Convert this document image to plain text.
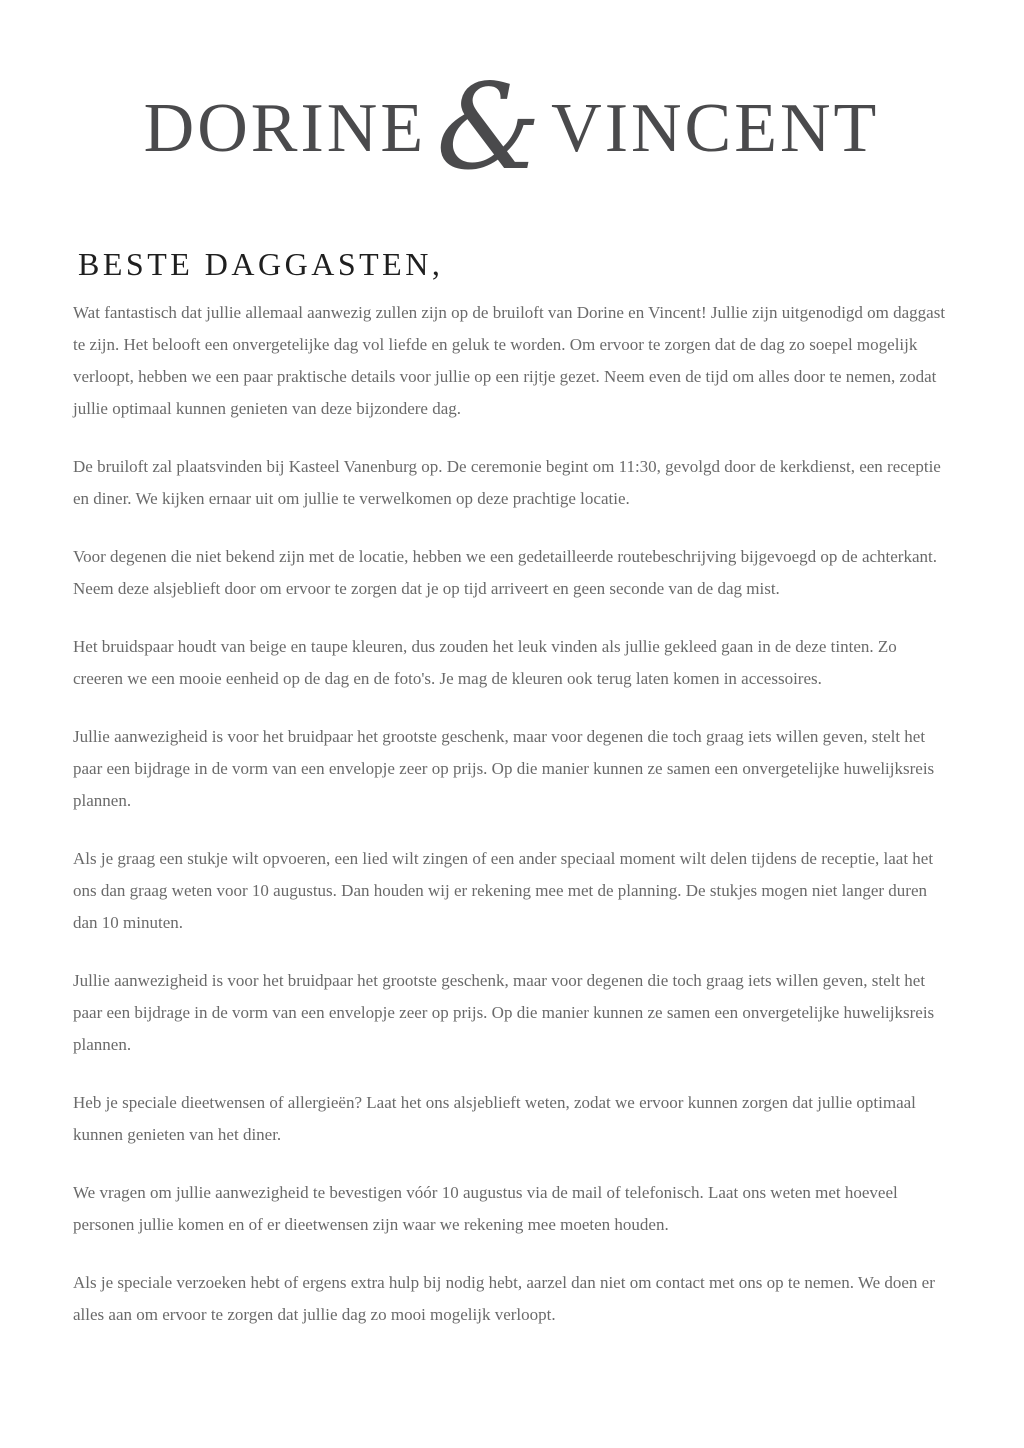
DORINE & VINCENT
BESTE DAGGASTEN,

Wat fantastisch dat jullie allemaal aanwezig zullen zijn op de bruiloft van Dorine en Vincent! Jullie zijn uitgenodigd om daggast te zijn. Het belooft een onvergetelijke dag vol liefde en geluk te worden. Om ervoor te zorgen dat de dag zo soepel mogelijk verloopt, hebben we een paar praktische details voor jullie op een rijtje gezet. Neem even de tijd om alles door te nemen, zodat jullie optimaal kunnen genieten van deze bijzondere dag.

De bruiloft zal plaatsvinden bij Kasteel Vanenburg op. De ceremonie begint om 11:30, gevolgd door de kerkdienst, een receptie en diner. We kijken ernaar uit om jullie te verwelkomen op deze prachtige locatie.

Voor degenen die niet bekend zijn met de locatie, hebben we een gedetailleerde routebeschrijving bijgevoegd op de achterkant. Neem deze alsjeblieft door om ervoor te zorgen dat je op tijd arriveert en geen seconde van de dag mist.

Het bruidspaar houdt van beige en taupe kleuren, dus zouden het leuk vinden als jullie gekleed gaan in de deze tinten. Zo creeren we een mooie eenheid op de dag en de foto's. Je mag de kleuren ook terug laten komen in accessoires.

Jullie aanwezigheid is voor het bruidpaar het grootste geschenk, maar voor degenen die toch graag iets willen geven, stelt het paar een bijdrage in de vorm van een envelopje zeer op prijs. Op die manier kunnen ze samen een onvergetelijke huwelijksreis plannen.

Als je graag een stukje wilt opvoeren, een lied wilt zingen of een ander speciaal moment wilt delen tijdens de receptie, laat het ons dan graag weten voor 10 augustus. Dan houden wij er rekening mee met de planning. De stukjes mogen niet langer duren dan 10 minuten.

Jullie aanwezigheid is voor het bruidpaar het grootste geschenk, maar voor degenen die toch graag iets willen geven, stelt het paar een bijdrage in de vorm van een envelopje zeer op prijs. Op die manier kunnen ze samen een onvergetelijke huwelijksreis plannen.

Heb je speciale dieetwensen of allergieën? Laat het ons alsjeblieft weten, zodat we ervoor kunnen zorgen dat jullie optimaal kunnen genieten van het diner.

We vragen om jullie aanwezigheid te bevestigen vóór 10 augustus via de mail of telefonisch. Laat ons weten met hoeveel personen jullie komen en of er dieetwensen zijn waar we rekening mee moeten houden.

Als je speciale verzoeken hebt of ergens extra hulp bij nodig hebt, aarzel dan niet om contact met ons op te nemen. We doen er alles aan om ervoor te zorgen dat jullie dag zo mooi mogelijk verloopt.
